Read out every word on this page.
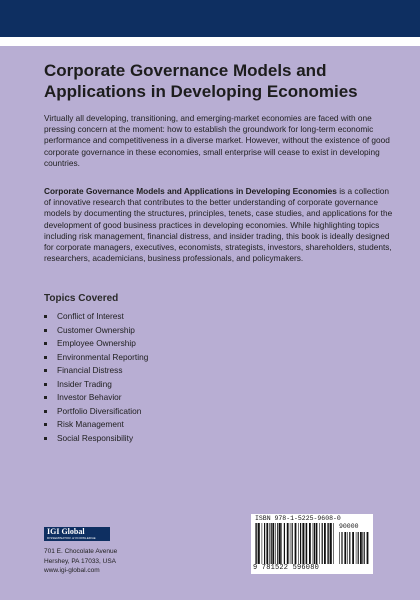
Corporate Governance Models and
Applications in Developing Economies

Virtually all developing, transitioning, and emerging-market economies are faced with one pressing concern at the moment: how to establish the groundwork for long-term economic performance and competitiveness in a diverse market. However, without the existence of good corporate governance in these economies, small enterprise will cease to exist in developing countries.

Corporate Governance Models and Applications in Developing Economies is a collection of innovative research that contributes to the better understanding of corporate governance models by documenting the structures, principles, tenets, case studies, and applications for the development of good business practices in developing economies. While highlighting topics including risk management, financial distress, and insider trading, this book is ideally designed for corporate managers, executives, economists, strategists, investors, shareholders, students, researchers, academicians, business professionals, and policymakers.

Topics Covered
Conflict of Interest
Customer Ownership
Employee Ownership
Environmental Reporting
Financial Distress
Insider Trading
Investor Behavior
Portfolio Diversification
Risk Management
Social Responsibility
IGI Global
DISSEMINATOR of KNOWLEDGE
701 E. Chocolate Avenue
Hershey, PA 17033, USA
www.igi-global.com
ISBN 978-1-5225-9608-0
90000
9 781522 596080
